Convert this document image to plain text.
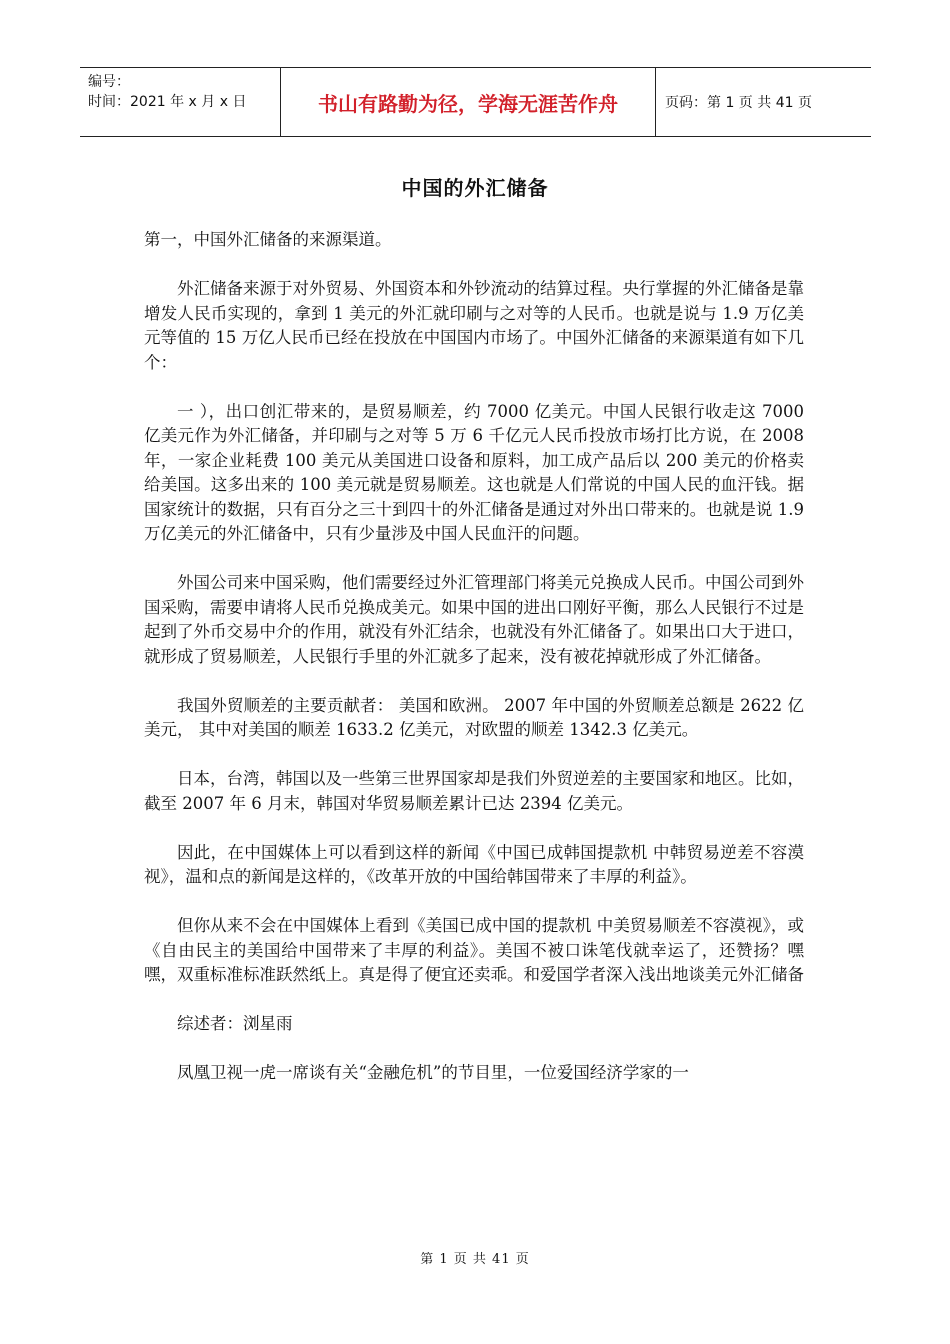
编号：
时间：2021 年 x 月 x 日	书山有路勤为径，学海无涯苦作舟	页码：第 1 页 共 41 页
中国的外汇储备

第一，中国外汇储备的来源渠道。

外汇储备来源于对外贸易、外国资本和外钞流动的结算过程。央行掌握的外汇储备是靠增发人民币实现的，拿到 1 美元的外汇就印刷与之对等的人民币。也就是说与 1.9 万亿美元等值的 15 万亿人民币已经在投放在中国国内市场了。中国外汇储备的来源渠道有如下几个：

一 ），出口创汇带来的，是贸易顺差，约 7000 亿美元。中国人民银行收走这 7000 亿美元作为外汇储备，并印刷与之对等 5 万 6 千亿元人民币投放市场打比方说，在 2008 年，一家企业耗费 100 美元从美国进口设备和原料，加工成产品后以 200 美元的价格卖给美国。这多出来的 100 美元就是贸易顺差。这也就是人们常说的中国人民的血汗钱。据国家统计的数据，只有百分之三十到四十的外汇储备是通过对外出口带来的。也就是说 1.9 万亿美元的外汇储备中，只有少量涉及中国人民血汗的问题。

外国公司来中国采购，他们需要经过外汇管理部门将美元兑换成人民币。中国公司到外国采购，需要申请将人民币兑换成美元。如果中国的进出口刚好平衡，那么人民银行不过是起到了外币交易中介的作用，就没有外汇结余，也就没有外汇储备了。如果出口大于进口，就形成了贸易顺差，人民银行手里的外汇就多了起来，没有被花掉就形成了外汇储备。

我国外贸顺差的主要贡献者： 美国和欧洲。 2007 年中国的外贸顺差总额是 2622 亿美元， 其中对美国的顺差 1633.2 亿美元，对欧盟的顺差 1342.3 亿美元。

日本，台湾，韩国以及一些第三世界国家却是我们外贸逆差的主要国家和地区。比如，截至 2007 年 6 月末，韩国对华贸易顺差累计已达 2394 亿美元。

因此，在中国媒体上可以看到这样的新闻《中国已成韩国提款机 中韩贸易逆差不容漠视》，温和点的新闻是这样的，《改革开放的中国给韩国带来了丰厚的利益》。

但你从来不会在中国媒体上看到《美国已成中国的提款机 中美贸易顺差不容漠视》，或《自由民主的美国给中国带来了丰厚的利益》。美国不被口诛笔伐就幸运了，还赞扬？嘿嘿，双重标准标准跃然纸上。真是得了便宜还卖乖。和爱国学者深入浅出地谈美元外汇储备

综述者：浏星雨

凤凰卫视一虎一席谈有关“金融危机”的节目里，一位爱国经济学家的一

第 1 页 共 41 页
